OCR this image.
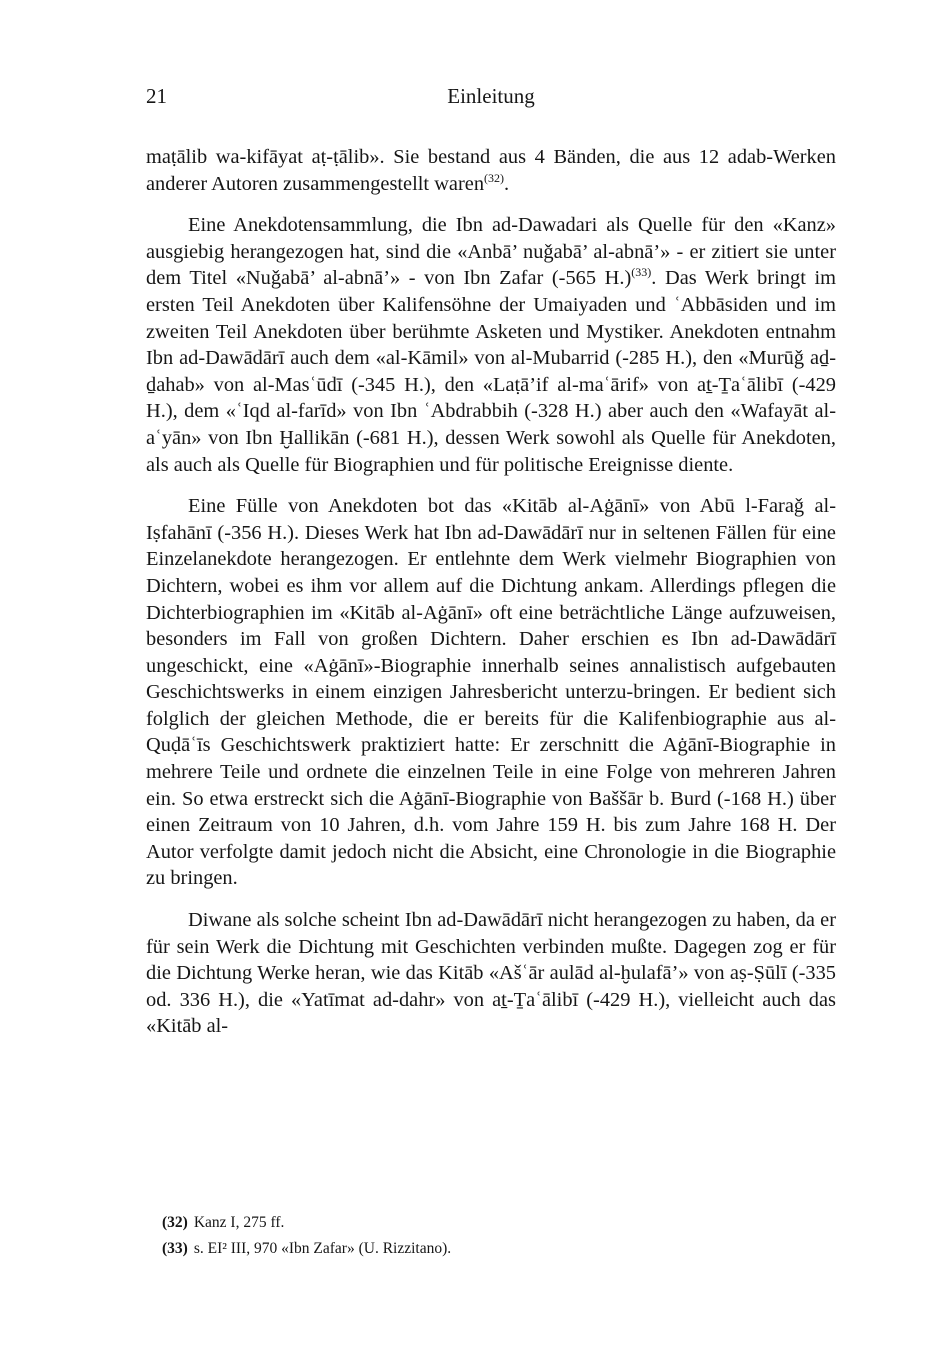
21	Einleitung

maṭālib wa-kifāyat aṭ-ṭālib». Sie bestand aus 4 Bänden, die aus 12 adab-Werken anderer Autoren zusammengestellt waren$^{(32)}$.

Eine Anekdotensammlung, die Ibn ad-Dawadari als Quelle für den «Kanz» ausgiebig herangezogen hat, sind die «Anbā’ nuǧabā’ al-abnā’» - er zitiert sie unter dem Titel «Nuǧabā’ al-abnā’» - von Ibn Zafar (-565 H.)$^{(33)}$. Das Werk bringt im ersten Teil Anekdoten über Kalifensöhne der Umaiyaden und ʿAbbāsiden und im zweiten Teil Anekdoten über berühmte Asketen und Mystiker. Anekdoten entnahm Ibn ad-Dawādārī auch dem «al-Kāmil» von al-Mubarrid (-285 H.), den «Murūǧ aḏ-ḏahab» von al-Masʿūdī (-345 H.), den «Laṭā’if al-maʿārif» von aṯ-Ṯaʿālibī (-429 H.), dem «ʿIqd al-farīd» von Ibn ʿAbdrabbih (-328 H.) aber auch den «Wafayāt al-aʿyān» von Ibn Ḫallikān (-681 H.), dessen Werk sowohl als Quelle für Anekdoten, als auch als Quelle für Biographien und für politische Ereignisse diente.

Eine Fülle von Anekdoten bot das «Kitāb al-Aġānī» von Abū l-Faraǧ al-Iṣfahānī (-356 H.). Dieses Werk hat Ibn ad-Dawādārī nur in seltenen Fällen für eine Einzelanekdote herangezogen. Er entlehnte dem Werk vielmehr Biographien von Dichtern, wobei es ihm vor allem auf die Dichtung ankam. Allerdings pflegen die Dichterbiographien im «Kitāb al-Aġānī» oft eine beträchtliche Länge aufzuweisen, besonders im Fall von großen Dichtern. Daher erschien es Ibn ad-Dawādārī ungeschickt, eine «Aġānī»-Biographie innerhalb seines annalistisch aufgebauten Geschichtswerks in einem einzigen Jahresbericht unterzu-bringen. Er bedient sich folglich der gleichen Methode, die er bereits für die Kalifenbiographie aus al-Quḍāʿīs Geschichtswerk praktiziert hatte: Er zerschnitt die Aġānī-Biographie in mehrere Teile und ordnete die einzelnen Teile in eine Folge von mehreren Jahren ein. So etwa erstreckt sich die Aġānī-Biographie von Baššār b. Burd (-168 H.) über einen Zeitraum von 10 Jahren, d.h. vom Jahre 159 H. bis zum Jahre 168 H. Der Autor verfolgte damit jedoch nicht die Absicht, eine Chronologie in die Biographie zu bringen.

Diwane als solche scheint Ibn ad-Dawādārī nicht herangezogen zu haben, da er für sein Werk die Dichtung mit Geschichten verbinden mußte. Dagegen zog er für die Dichtung Werke heran, wie das Kitāb «Ašʿār aulād al-ḫulafā’» von aṣ-Ṣūlī (-335 od. 336 H.), die «Yatīmat ad-dahr» von aṯ-Ṯaʿālibī (-429 H.), vielleicht auch das «Kitāb al-

(32) Kanz I, 275 ff.
(33) s. EI² III, 970 «Ibn Zafar» (U. Rizzitano).
